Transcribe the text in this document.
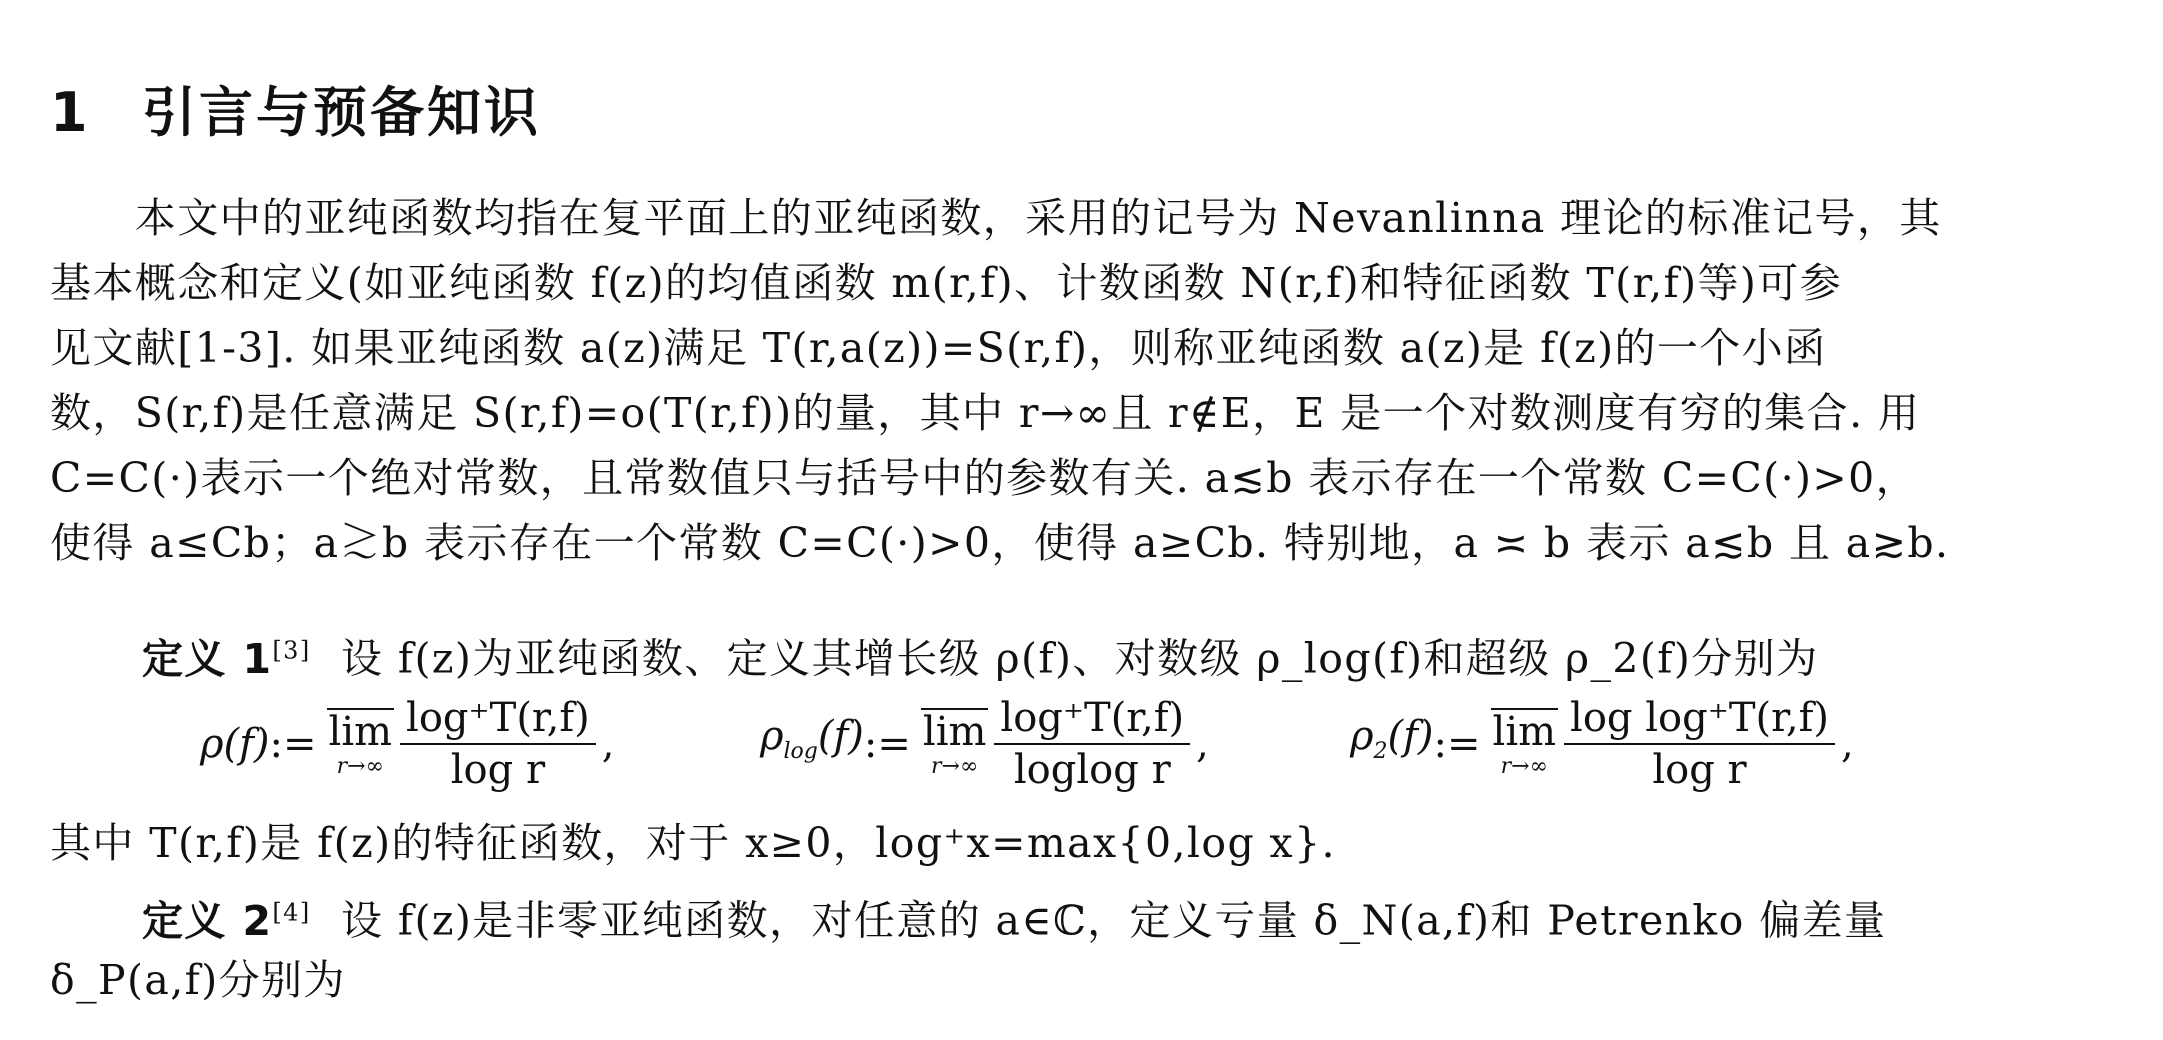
1 引言与预备知识
　　本文中的亚纯函数均指在复平面上的亚纯函数，采用的记号为 Nevanlinna 理论的标准记号，其
基本概念和定义(如亚纯函数 f(z)的均值函数 m(r,f)、计数函数 N(r,f)和特征函数 T(r,f)等)可参
见文献[1-3]. 如果亚纯函数 a(z)满足 T(r,a(z))=S(r,f)，则称亚纯函数 a(z)是 f(z)的一个小函
数，S(r,f)是任意满足 S(r,f)=o(T(r,f))的量，其中 r→∞且 r∉E，E 是一个对数测度有穷的集合. 用
C=C(·)表示一个绝对常数，且常数值只与括号中的参数有关. a≲b 表示存在一个常数 C=C(·)>0，
使得 a≤Cb；a≳b 表示存在一个常数 C=C(·)>0，使得 a≥Cb. 特别地，a ≍ b 表示 a≲b 且 a≳b.
定义 1[3] 设 f(z)为亚纯函数、定义其增长级 ρ(f)、对数级 ρ_log(f)和超级 ρ_2(f)分别为
ρ(f) := lim
$r\to\infty \frac{\log^+T(r,f)}{\text{log r}}$ ,	$\rho_{log}(f)$ := lim
$r\to\infty \frac{\log^+T(r,f)}{\text{loglog r}}$ ,	$\rho_2(f)$ := lim
$r\to\infty \frac{\text{log log⁺T(r,f)}}{\text{log r}}$ ,
其中 T(r,f)是 f(z)的特征函数，对于 x≥0，log⁺x=max{0,log x}.
定义 2[4] 设 f(z)是非零亚纯函数，对任意的 a∈ℂ，定义亏量 δ_N(a,f)和 Petrenko 偏差量
δ_P(a,f)分别为
